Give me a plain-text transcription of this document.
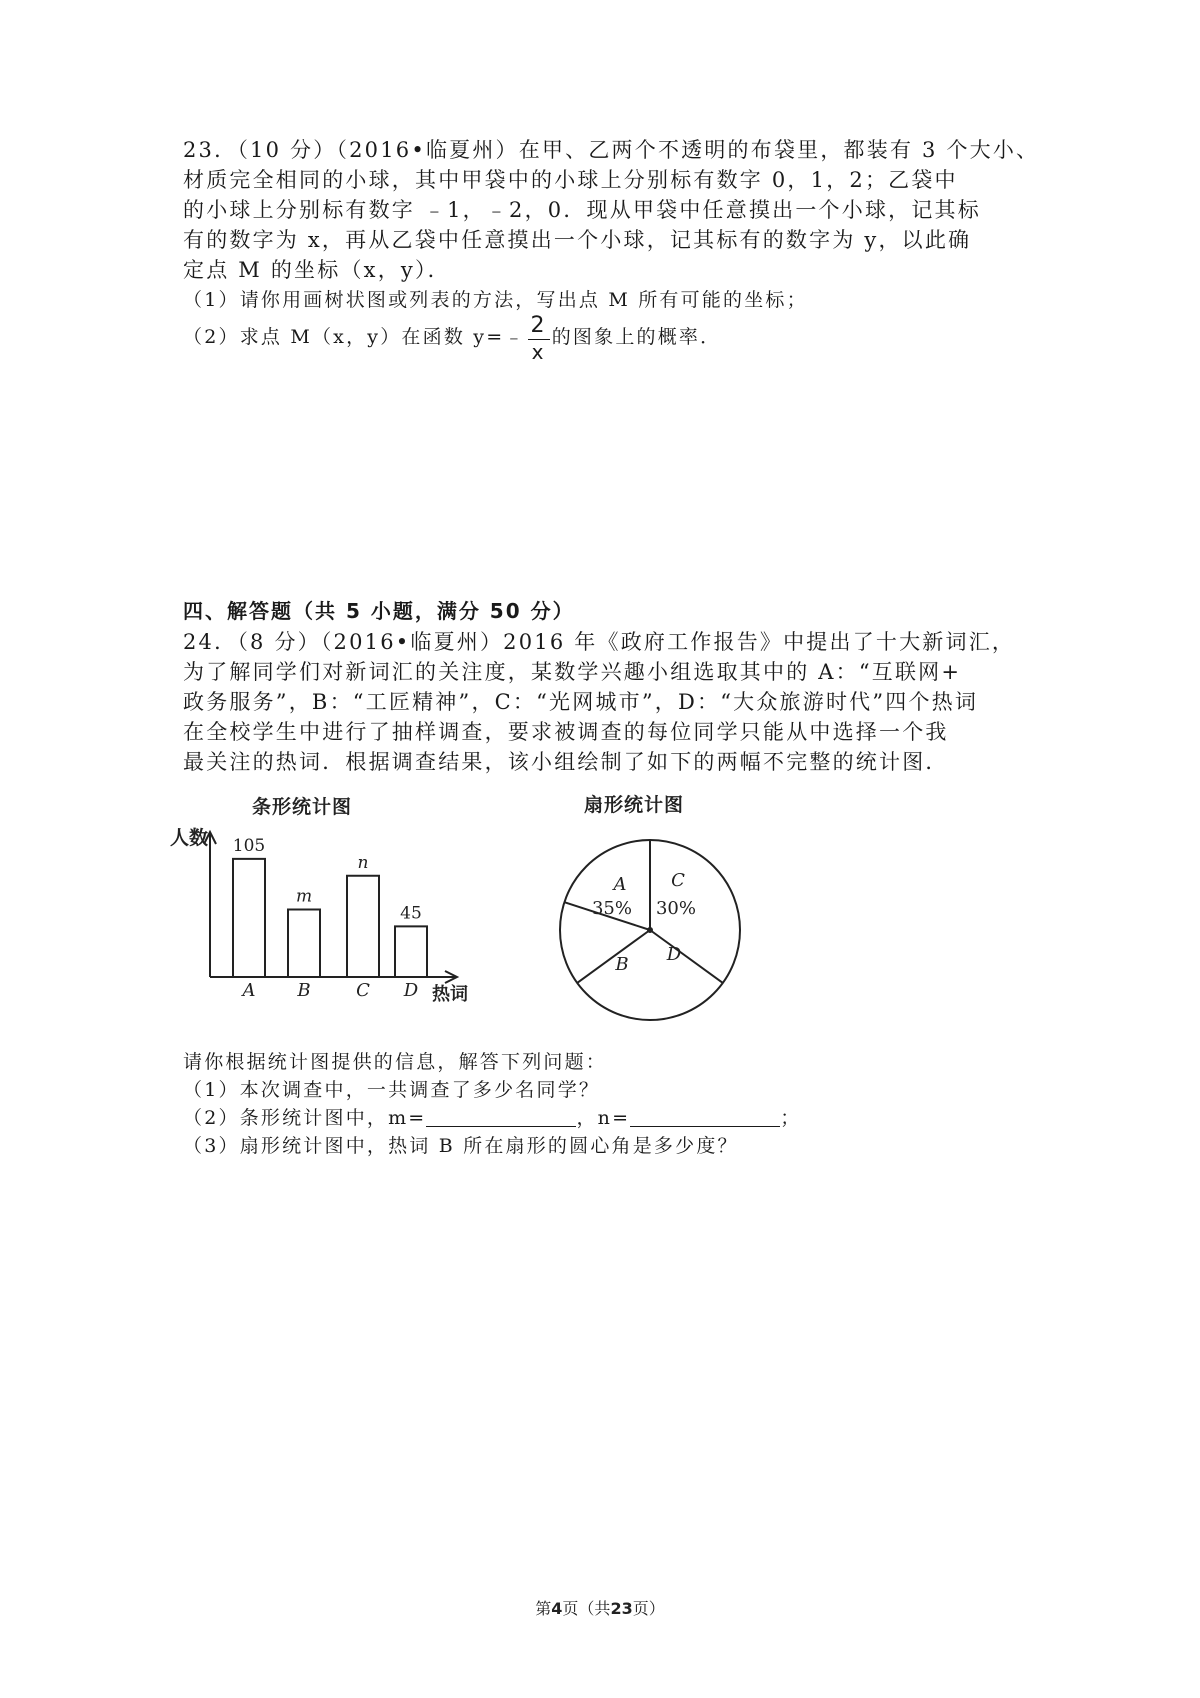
23．（10 分）（2016•临夏州）在甲、乙两个不透明的布袋里，都装有 3 个大小、
材质完全相同的小球，其中甲袋中的小球上分别标有数字 0，1，2；乙袋中
的小球上分别标有数字 ﹣1，﹣2，0．现从甲袋中任意摸出一个小球，记其标
有的数字为 x，再从乙袋中任意摸出一个小球，记其标有的数字为 y，以此确
定点 M 的坐标（x，y）．
（1）请你用画树状图或列表的方法，写出点 M 所有可能的坐标；
（2）求点 M（x，y）在函数 y=﹣ $\frac{2}{x}$ 的图象上的概率．
四、解答题（共 5 小题，满分 50 分）
24．（8 分）（2016•临夏州）2016 年《政府工作报告》中提出了十大新词汇，
为了解同学们对新词汇的关注度，某数学兴趣小组选取其中的 A：“互联网+
政务服务”，B：“工匠精神”，C：“光网城市”，D：“大众旅游时代”四个热词
在全校学生中进行了抽样调查，要求被调查的每位同学只能从中选择一个我
最关注的热词．根据调查结果，该小组绘制了如下的两幅不完整的统计图．
条形统计图	扇形统计图
人数
热词
105
A
m
B
n
C
45
D
A
35%
C
30%
D
B
请你根据统计图提供的信息，解答下列问题：
（1）本次调查中，一共调查了多少名同学？
（2）条形统计图中，m=	，n=	；
（3）扇形统计图中，热词 B 所在扇形的圆心角是多少度？
第4页（共23页）
